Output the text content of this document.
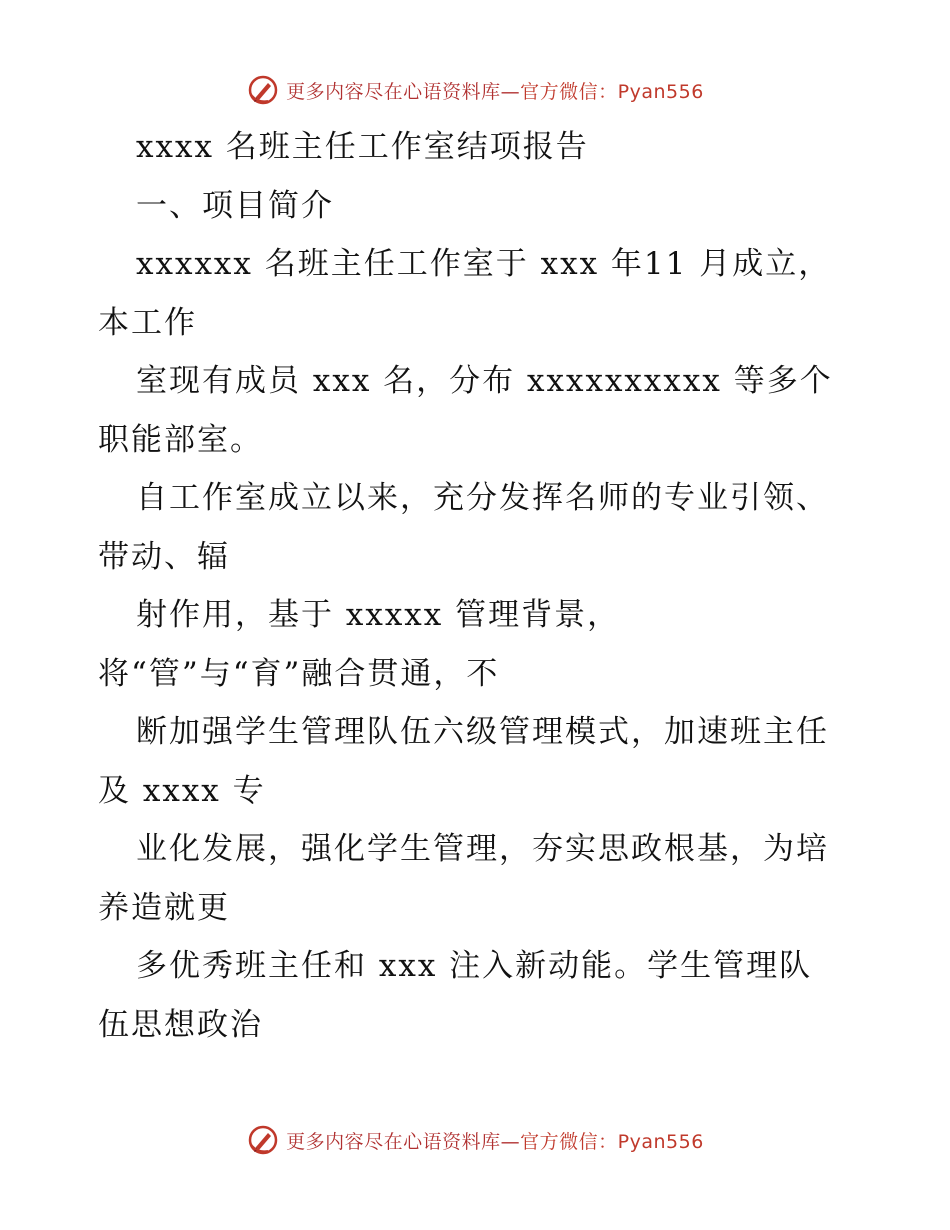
更多内容尽在心语资料库—官方微信：Pyan556
xxxx 名班主任工作室结项报告
一、项目简介
xxxxxx 名班主任工作室于 xxx 年11 月成立，
本工作
室现有成员 xxx 名，分布 xxxxxxxxxx 等多个
职能部室。
自工作室成立以来，充分发挥名师的专业引领、
带动、辐
射作用，基于 xxxxx 管理背景，
将“管”与“育”融合贯通，不
断加强学生管理队伍六级管理模式，加速班主任
及 xxxx 专
业化发展，强化学生管理，夯实思政根基，为培
养造就更
多优秀班主任和 xxx 注入新动能。学生管理队
伍思想政治
更多内容尽在心语资料库—官方微信：Pyan556
